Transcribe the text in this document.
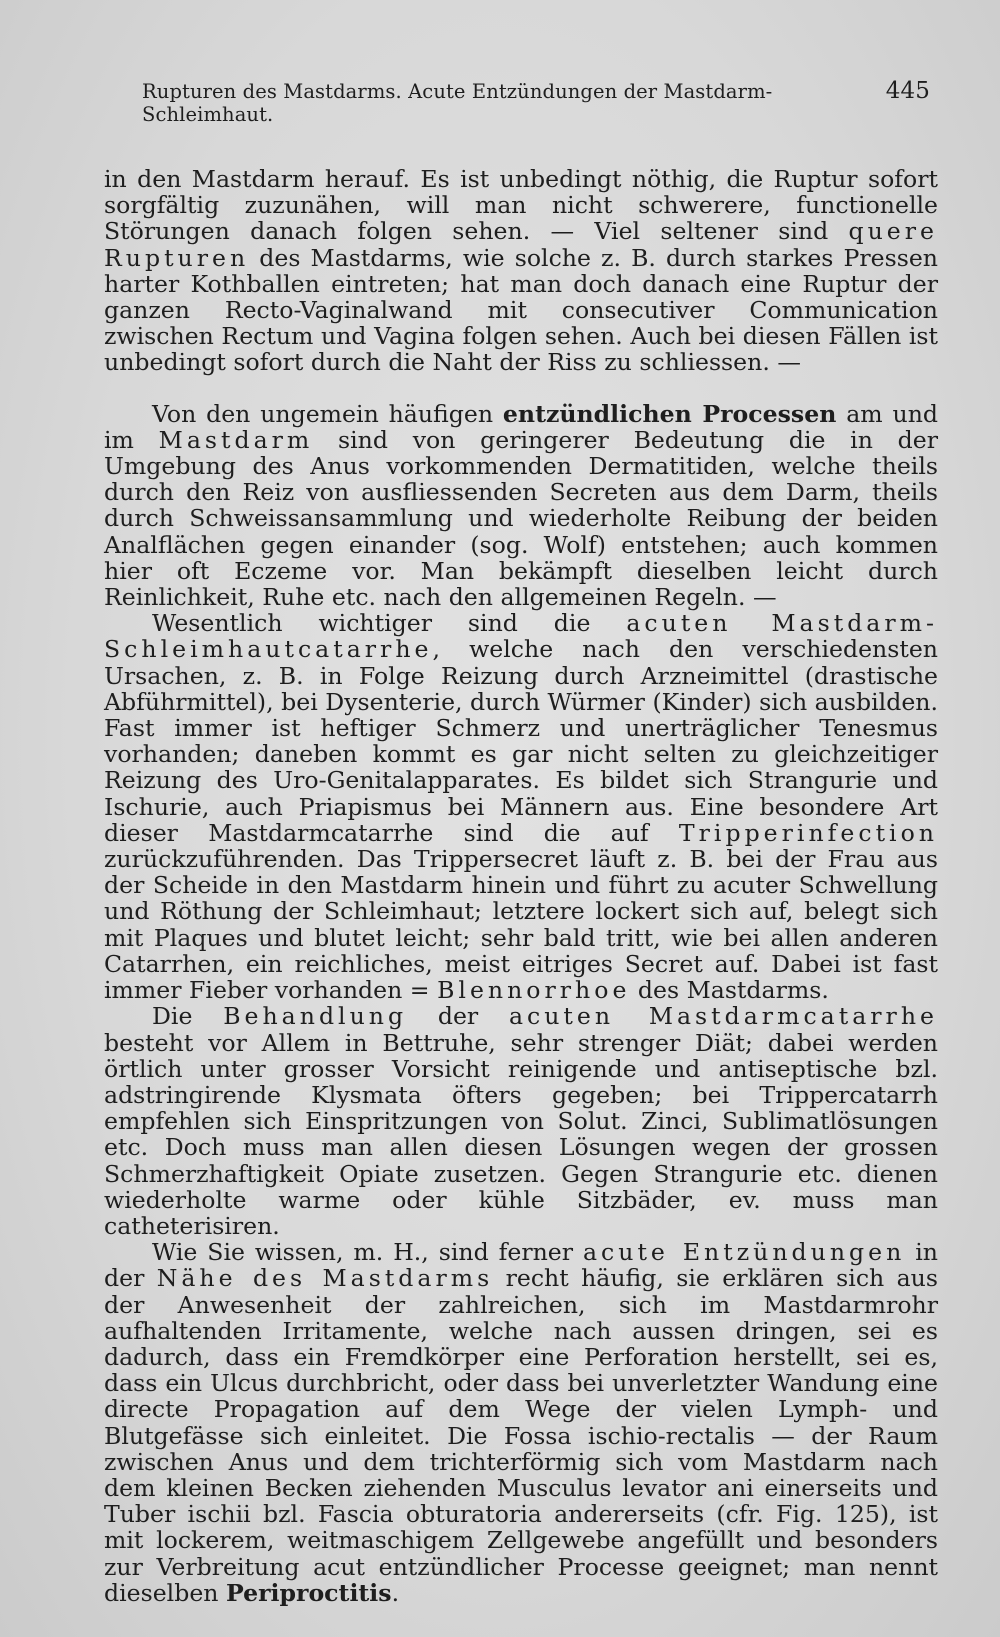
Rupturen des Mastdarms. Acute Entzündungen der Mastdarm-Schleimhaut.
445

in den Mastdarm herauf. Es ist unbedingt nöthig, die Ruptur sofort sorgfältig zuzunähen, will man nicht schwerere, functionelle Störungen danach folgen sehen. — Viel seltener sind quere Rupturen des Mastdarms, wie solche z. B. durch starkes Pressen harter Kothballen eintreten; hat man doch danach eine Ruptur der ganzen Recto-Vaginalwand mit consecutiver Communication zwischen Rectum und Vagina folgen sehen. Auch bei diesen Fällen ist unbedingt sofort durch die Naht der Riss zu schliessen. —

Von den ungemein häufigen entzündlichen Processen am und im Mastdarm sind von geringerer Bedeutung die in der Umgebung des Anus vorkommenden Dermatitiden, welche theils durch den Reiz von ausfliessenden Secreten aus dem Darm, theils durch Schweissansammlung und wiederholte Reibung der beiden Analflächen gegen einander (sog. Wolf) entstehen; auch kommen hier oft Eczeme vor. Man bekämpft dieselben leicht durch Reinlichkeit, Ruhe etc. nach den allgemeinen Regeln. —

Wesentlich wichtiger sind die acuten Mastdarm-Schleimhautcatarrhe, welche nach den verschiedensten Ursachen, z. B. in Folge Reizung durch Arzneimittel (drastische Abführmittel), bei Dysenterie, durch Würmer (Kinder) sich ausbilden. Fast immer ist heftiger Schmerz und unerträglicher Tenesmus vorhanden; daneben kommt es gar nicht selten zu gleichzeitiger Reizung des Uro-Genitalapparates. Es bildet sich Strangurie und Ischurie, auch Priapismus bei Männern aus. Eine besondere Art dieser Mastdarmcatarrhe sind die auf Tripperinfection zurückzuführenden. Das Trippersecret läuft z. B. bei der Frau aus der Scheide in den Mastdarm hinein und führt zu acuter Schwellung und Röthung der Schleimhaut; letztere lockert sich auf, belegt sich mit Plaques und blutet leicht; sehr bald tritt, wie bei allen anderen Catarrhen, ein reichliches, meist eitriges Secret auf. Dabei ist fast immer Fieber vorhanden = Blennorrhoe des Mastdarms.

Die Behandlung der acuten Mastdarmcatarrhe besteht vor Allem in Bettruhe, sehr strenger Diät; dabei werden örtlich unter grosser Vorsicht reinigende und antiseptische bzl. adstringirende Klysmata öfters gegeben; bei Trippercatarrh empfehlen sich Einspritzungen von Solut. Zinci, Sublimatlösungen etc. Doch muss man allen diesen Lösungen wegen der grossen Schmerzhaftigkeit Opiate zusetzen. Gegen Strangurie etc. dienen wiederholte warme oder kühle Sitzbäder, ev. muss man catheterisiren.

Wie Sie wissen, m. H., sind ferner acute Entzündungen in der Nähe des Mastdarms recht häufig, sie erklären sich aus der Anwesenheit der zahlreichen, sich im Mastdarmrohr aufhaltenden Irritamente, welche nach aussen dringen, sei es dadurch, dass ein Fremdkörper eine Perforation herstellt, sei es, dass ein Ulcus durchbricht, oder dass bei unverletzter Wandung eine directe Propagation auf dem Wege der vielen Lymph- und Blutgefässe sich einleitet. Die Fossa ischio-rectalis — der Raum zwischen Anus und dem trichterförmig sich vom Mastdarm nach dem kleinen Becken ziehenden Musculus levator ani einerseits und Tuber ischii bzl. Fascia obturatoria andererseits (cfr. Fig. 125), ist mit lockerem, weitmaschigem Zellgewebe angefüllt und besonders zur Verbreitung acut entzündlicher Processe geeignet; man nennt dieselben Periproctitis.
